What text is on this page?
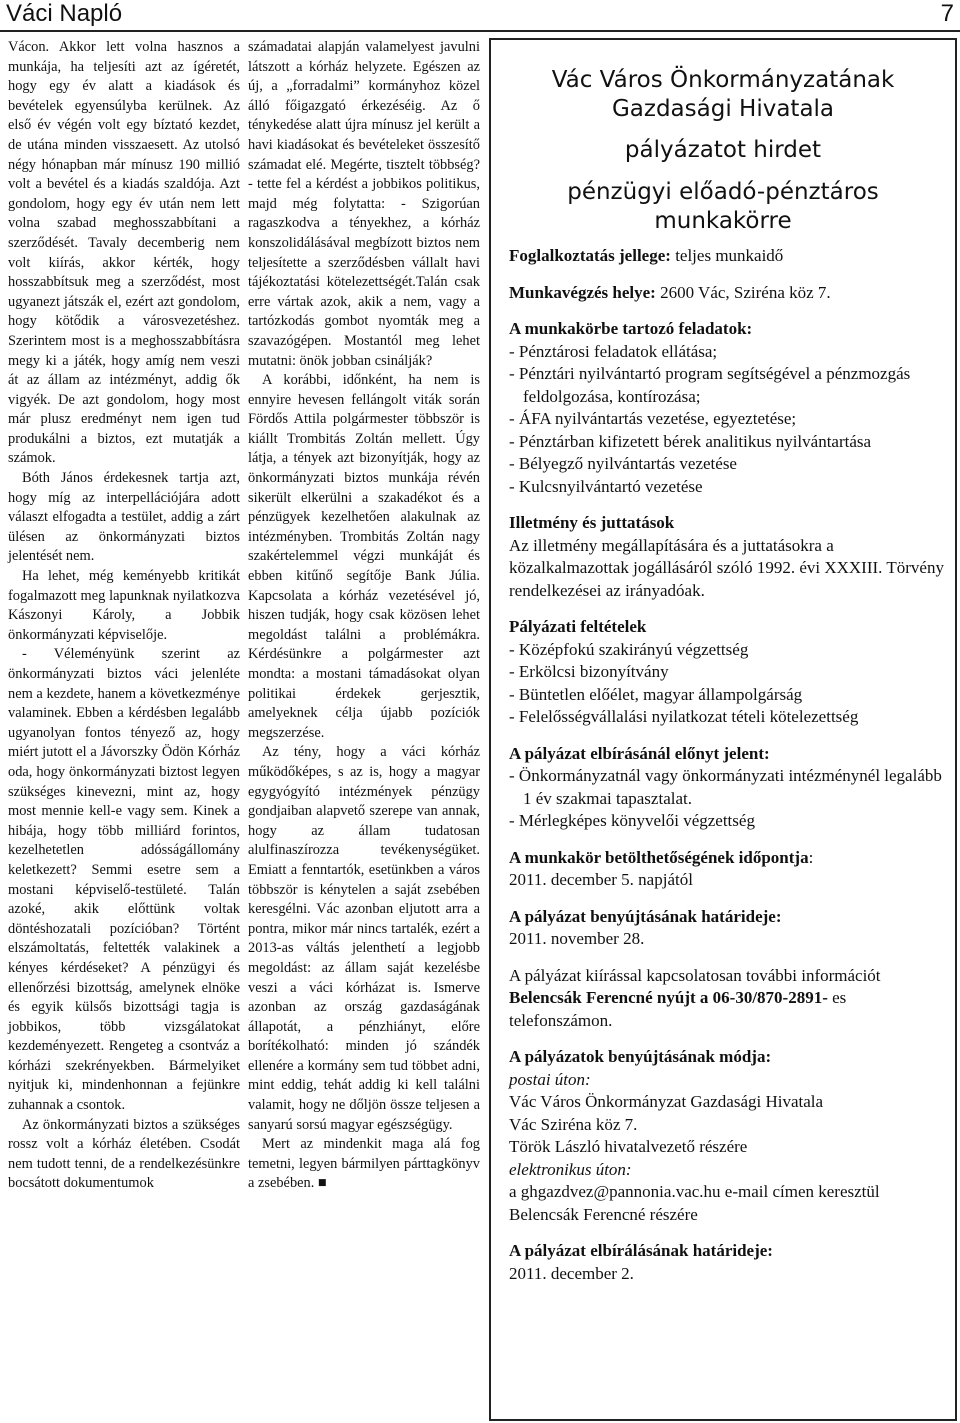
Váci Napló	7

Vácon. Akkor lett volna hasznos a munkája, ha teljesíti azt az ígéretét, hogy egy év alatt a kiadások és bevételek egyensúlyba kerülnek. Az első év végén volt egy bíztató kezdet, de utána minden visszaesett. Az utolsó négy hónapban már mínusz 190 millió volt a bevétel és a kiadás szaldója. Azt gondolom, hogy egy év után nem lett volna szabad meghosszabbítani a szerződését. Tavaly decemberig nem volt kiírás, akkor kérték, hogy hosszabbítsuk meg a szerződést, most ugyanezt játszák el, ezért azt gondolom, hogy kötődik a városvezetéshez. Szerintem most is a meghosszabbításra megy ki a játék, hogy amíg nem veszi át az állam az intézményt, addig ők vigyék. De azt gondolom, hogy most már plusz eredményt nem igen tud produkálni a biztos, ezt mutatják a számok.

Bóth János érdekesnek tartja azt, hogy míg az interpellációjára adott választ elfogadta a testület, addig a zárt ülésen az önkormányzati biztos jelentését nem.

Ha lehet, még keményebb kritikát fogalmazott meg lapunknak nyilatkozva Kászonyi Károly, a Jobbik önkormányzati képviselője.

- Véleményünk szerint az önkormányzati biztos váci jelenléte nem a kezdete, hanem a következménye valaminek. Ebben a kérdésben legalább ugyanolyan fontos tényező az, hogy miért jutott el a Jávorszky Ödön Kórház oda, hogy önkormányzati biztost legyen szükséges kinevezni, mint az, hogy most mennie kell-e vagy sem. Kinek a hibája, hogy több milliárd forintos, kezelhetetlen adósságállomány keletkezett? Semmi esetre sem a mostani képviselő-testületé. Talán azoké, akik előttünk voltak döntéshozatali pozícióban? Történt elszámoltatás, feltették valakinek a kényes kérdéseket? A pénzügyi és ellenőrzési bizottság, amelynek elnöke és egyik külsős bizottsági tagja is jobbikos, több vizsgálatokat kezdeményezett. Rengeteg a csontváz a kórházi szekrényekben. Bármelyiket nyitjuk ki, mindenhonnan a fejünkre zuhannak a csontok.

Az önkormányzati biztos a szükséges rossz volt a kórház életében. Csodát nem tudott tenni, de a rendelkezésünkre bocsátott dokumentumok

számadatai alapján valamelyest javulni látszott a kórház helyzete. Egészen az új, a „forradalmi” kormányhoz közel álló főigazgató érkezéséig. Az ő ténykedése alatt újra mínusz jel került a havi kiadásokat és bevételeket összesítő számadat elé. Megérte, tisztelt többség? - tette fel a kérdést a jobbikos politikus, majd még folytatta: - Szigorúan ragaszkodva a tényekhez, a kórház konszolidálásával megbízott biztos nem teljesítette a szerződésben vállalt havi tájékoztatási kötelezettségét.Talán csak erre vártak azok, akik a nem, vagy a tartózkodás gombot nyomták meg a szavazógépen. Mostantól meg lehet mutatni: önök jobban csinálják?

A korábbi, időnként, ha nem is ennyire hevesen fellángolt viták során Fördős Attila polgármester többször is kiállt Trombitás Zoltán mellett. Úgy látja, a tények azt bizonyítják, hogy az önkormányzati biztos munkája révén sikerült elkerülni a szakadékot és a pénzügyek kezelhetően alakulnak az intézményben. Trombitás Zoltán nagy szakértelemmel végzi munkáját és ebben kitűnő segítője Bank Júlia. Kapcsolata a kórház vezetésével jó, hiszen tudják, hogy csak közösen lehet megoldást találni a problémákra. Kérdésünkre a polgármester azt mondta: a mostani támadásokat olyan politikai érdekek gerjesztik, amelyeknek célja újabb pozíciók megszerzése.

Az tény, hogy a váci kórház működőképes, s az is, hogy a magyar egygyógyító intézmények pénzügy gondjaiban alapvető szerepe van annak, hogy az állam tudatosan alulfinaszírozza tevékenységüket. Emiatt a fenntartók, esetünkben a város többször is kénytelen a saját zsebében keresgélni. Vác azonban eljutott arra a pontra, mikor már nincs tartalék, ezért a 2013-as váltás jelenthetí a legjobb megoldást: az állam saját kezelésbe veszi a váci kórházat is. Ismerve azonban az ország gazdaságának állapotát, a pénzhiányt, előre borítékolható: minden jó szándék ellenére a kormány sem tud többet adni, mint eddig, tehát addig ki kell találni valamit, hogy ne dőljön össze teljesen a sanyarú sorsú magyar egészségügy.

Mert az mindenkit maga alá fog temetni, legyen bármilyen párttagkönyv a zsebében. ■

Vác Város Önkormányzatának
Gazdasági Hivatala
pályázatot hirdet
pénzügyi előadó-pénztáros
munkakörre
Foglalkoztatás jellege: teljes munkaidő
Munkavégzés helye: 2600 Vác, Sziréna köz 7.
A munkakörbe tartozó feladatok:
- Pénztárosi feladatok ellátása;
- Pénztári nyilvántartó program segítségével a pénzmozgás feldolgozása, kontírozása;
- ÁFA nyilvántartás vezetése, egyeztetése;
- Pénztárban kifizetett bérek analitikus nyilvántartása
- Bélyegző nyilvántartás vezetése
- Kulcsnyilvántartó vezetése
Illetmény és juttatások
Az illetmény megállapítására és a juttatásokra a közalkalmazottak jogállásáról szóló 1992. évi XXXIII. Törvény rendelkezései az irányadóak.
Pályázati feltételek
- Középfokú szakirányú végzettség
- Erkölcsi bizonyítvány
- Büntetlen előélet, magyar állampolgárság
- Felelősségvállalási nyilatkozat tételi kötelezettség
A pályázat elbírásánál előnyt jelent:
- Önkormányzatnál vagy önkormányzati intézménynél legalább 1 év szakmai tapasztalat.
- Mérlegképes könyvelői végzettség
A munkakör betölthetőségének időpontja:
2011. december 5. napjától
A pályázat benyújtásának határideje:
2011. november 28.
A pályázat kiírással kapcsolatosan további információt Belencsák Ferencné nyújt a 06-30/870-2891- es telefonszámon.
A pályázatok benyújtásának módja:
postai úton:
Vác Város Önkormányzat Gazdasági Hivatala
Vác Sziréna köz 7.
Török László hivatalvezető részére
elektronikus úton:
a ghgazdvez@pannonia.vac.hu e-mail címen keresztül Belencsák Ferencné részére
A pályázat elbírálásának határideje:
2011. december 2.
